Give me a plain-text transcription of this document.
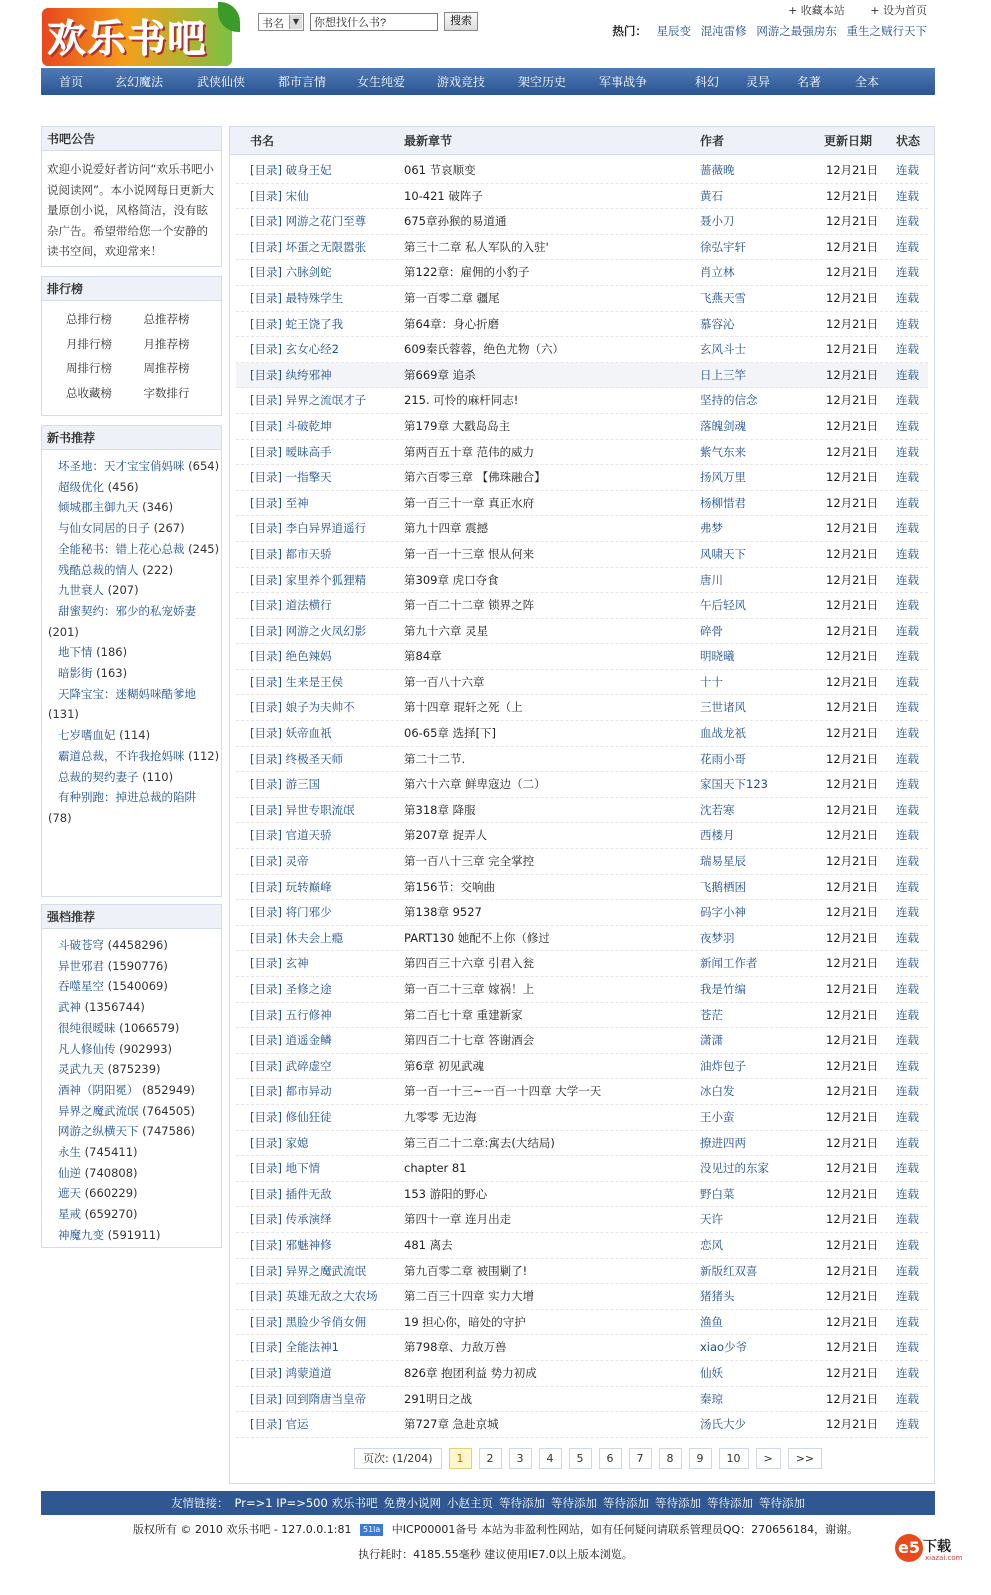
欢乐书吧	书名	▼
你想找什么书?	搜索
+ 收藏本站 + 设为首页
热门： 星辰变 混沌雷修 网游之最强房东 重生之贼行天下
首页	玄幻魔法	武侠仙侠	都市言情	女生纯爱	游戏竞技	架空历史	军事战争	科幻 灵异 名著	全本
书吧公告
欢迎小说爱好者访问“欢乐书吧小说阅读网”。本小说网每日更新大量原创小说，风格简洁，没有眩杂广告。希望带给您一个安静的读书空间，欢迎常来！
排行榜
总排行榜	总推荐榜
月排行榜	月推荐榜
周排行榜	周推荐榜
总收藏榜	字数排行
新书推荐
坏圣地：天才宝宝俏妈咪 (654)
超级优化 (456)
倾城郡主御九天 (346)
与仙女同居的日子 (267)
全能秘书：错上花心总裁 (245)
残酷总裁的情人 (222)
九世衰人 (207)
甜蜜契约：邪少的私宠娇妻 (201)
地下情 (186)
暗影街 (163)
天降宝宝：迷糊妈咪酷爹地 (131)
七岁嗜血妃 (114)
霸道总裁，不许我抢妈咪 (112)
总裁的契约妻子 (110)
有种别跑：掉进总裁的陷阱 (78)
强档推荐
斗破苍穹 (4458296)
异世邪君 (1590776)
吞噬星空 (1540069)
武神 (1356744)
很纯很暧昧 (1066579)
凡人修仙传 (902993)
灵武九天 (875239)
酒神（阴阳冕） (852949)
异界之魔武流氓 (764505)
网游之纵横天下 (747586)
永生 (745411)
仙逆 (740808)
遮天 (660229)
星戒 (659270)
神魔九变 (591911)
书名	最新章节	作者	更新日期 状态
[目录] 破身王妃	061 节哀顺变	蔷薇晚	12月21日 连载
[目录] 宋仙	10-421 破阵子	黄石	12月21日 连载
[目录] 网游之花门至尊	675章孙猴的易道通	聂小刀	12月21日 连载
[目录] 坏蛋之无限嚣张	第三十二章 私人军队的入驻'	徐弘宇轩	12月21日 连载
[目录] 六脉剑蛇	第122章：雇佣的小豹子	肖立林	12月21日 连载
[目录] 最特殊学生	第一百零二章 疆尾	飞燕天雪	12月21日 连载
[目录] 蛇王饶了我	第64章：身心折磨	慕容沁	12月21日 连载
[目录] 玄女心经2	609秦氏蓉蓉，绝色尤物（六）	玄风斗士	12月21日 连载
[目录] 纨绔邪神	第669章 追杀	日上三竿	12月21日 连载
[目录] 异界之流氓才子	215. 可怜的麻杆同志!	坚持的信念	12月21日 连载
[目录] 斗破乾坤	第179章 大戳岛岛主	落魄剑魂	12月21日 连载
[目录] 暧昧高手	第两百五十章 范伟的威力	紫气东来	12月21日 连载
[目录] 一指擎天	第六百零三章 【佛珠融合】	扬风万里	12月21日 连载
[目录] 至神	第一百三十一章 真正水府	杨柳惜君	12月21日 连载
[目录] 李白异界逍遥行	第九十四章 震撼	弗梦	12月21日 连载
[目录] 都市天骄	第一百一十三章 恨从何来	风啸天下	12月21日 连载
[目录] 家里养个狐狸精	第309章 虎口夺食	唐川	12月21日 连载
[目录] 道法横行	第一百二十二章 锁界之阵	午后轻风	12月21日 连载
[目录] 网游之火凤幻影	第九十六章 灵星	碎骨	12月21日 连载
[目录] 绝色辣妈	第84章	明晓曦	12月21日 连载
[目录] 生来是王侯	第一百八十六章	十十	12月21日 连载
[目录] 娘子为夫帅不	第十四章 琨轩之死（上	三世诸风	12月21日 连载
[目录] 妖帝血祇	06-65章 选择[下]	血战龙祇	12月21日 连载
[目录] 终极圣天师	第二十二节.	花雨小哥	12月21日 连载
[目录] 游三国	第六十六章 鲜卑寇边（二）	家国天下123	12月21日 连载
[目录] 异世专职流氓	第318章 降服	沈若寒	12月21日 连载
[目录] 官道天骄	第207章 捉弄人	西楼月	12月21日 连载
[目录] 灵帝	第一百八十三章 完全掌控	瑞易星辰	12月21日 连载
[目录] 玩转巅峰	第156节：交响曲	飞鹅栖困	12月21日 连载
[目录] 将门邪少	第138章 9527	码字小神	12月21日 连载
[目录] 休夫会上瘾	PART130 她配不上你（修过	夜梦羽	12月21日 连载
[目录] 玄神	第四百三十六章 引君入瓮	新闻工作者	12月21日 连载
[目录] 圣修之途	第一百二十三章 嫁祸！上	我是竹编	12月21日 连载
[目录] 五行修神	第二百七十章 重建新家	苍茫	12月21日 连载
[目录] 逍遥金鳞	第四百二十七章 答谢酒会	潇潇	12月21日 连载
[目录] 武碎虚空	第6章 初见武魂	油炸包子	12月21日 连载
[目录] 都市异动	第一百一十三~一百一十四章 大学一天	冰白发	12月21日 连载
[目录] 修仙狂徒	九零零 无边海	王小蛮	12月21日 连载
[目录] 家媳	第三百二十二章:寓去(大结局)	撩进四两	12月21日 连载
[目录] 地下情	chapter 81	没见过的东家	12月21日 连载
[目录] 插件无敌	153 游阳的野心	野白菜	12月21日 连载
[目录] 传承演绎	第四十一章 连月出走	天许	12月21日 连载
[目录] 邪魅神修	481 离去	恋风	12月21日 连载
[目录] 异界之魔武流氓	第九百零二章 被围剿了!	新版红双喜	12月21日 连载
[目录] 英雄无敌之大农场 第二百三十四章 实力大增	猪猪头	12月21日 连载
[目录] 黑脸少爷俏女佣	19 担心你，暗处的守护	渔鱼	12月21日 连载
[目录] 全能法神1	第798章、力敌万兽	xiao少爷	12月21日 连载
[目录] 鸿蒙道道	826章 抱团利益 势力初成	仙妖	12月21日 连载
[目录] 回到隋唐当皇帝	291明日之战	秦琼	12月21日 连载
[目录] 官运	第727章 急赴京城	汤氏大少	12月21日 连载
页次: (1/204)	1	2	3	4	5	6	7	8	9	10	>	>>
友情链接： Pr=>1 IP=>500 欢乐书吧 免费小说网 小赵主页 等待添加 等待添加 等待添加 等待添加 等待添加 等待添加
版权所有 © 2010 欢乐书吧 - 127.0.0.1:81 51la 中ICP00001备号 本站为非盈利性网站，如有任何疑问请联系管理员QQ：270656184，谢谢。
执行耗时：4185.55毫秒 建议使用IE7.0以上版本浏览。	e5 下载
xiazai.com
